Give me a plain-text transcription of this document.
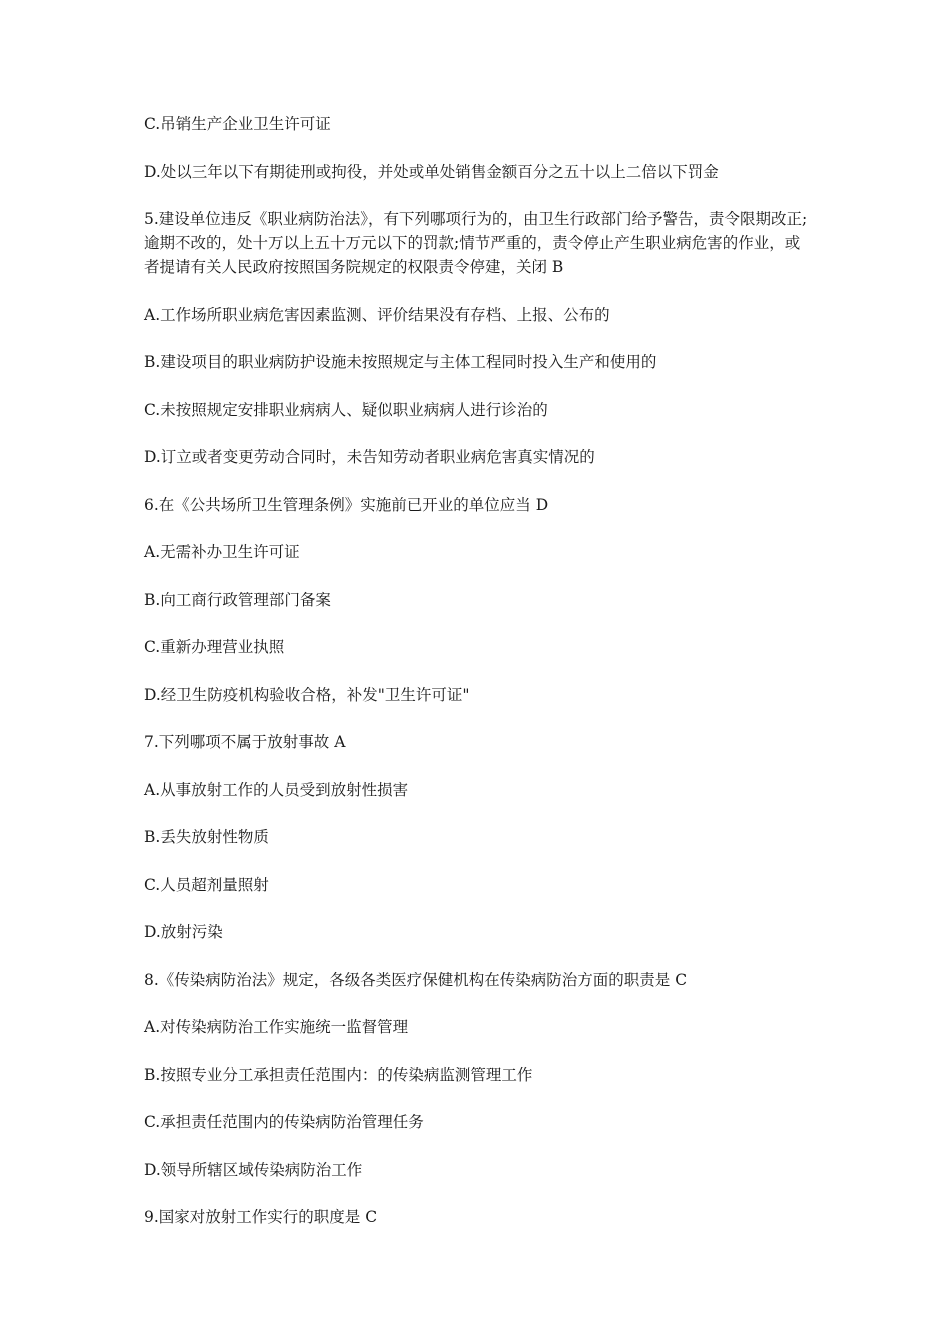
C.吊销生产企业卫生许可证

D.处以三年以下有期徒刑或拘役，并处或单处销售金额百分之五十以上二倍以下罚金

5.建设单位违反《职业病防治法》，有下列哪项行为的，由卫生行政部门给予警告，责令限期改正;逾期不改的，处十万以上五十万元以下的罚款;情节严重的，责令停止产生职业病危害的作业，或者提请有关人民政府按照国务院规定的权限责令停建，关闭 B

A.工作场所职业病危害因素监测、评价结果没有存档、上报、公布的

B.建设项目的职业病防护设施未按照规定与主体工程同时投入生产和使用的

C.未按照规定安排职业病病人、疑似职业病病人进行诊治的

D.订立或者变更劳动合同时，未告知劳动者职业病危害真实情况的

6.在《公共场所卫生管理条例》实施前已开业的单位应当 D

A.无需补办卫生许可证

B.向工商行政管理部门备案

C.重新办理营业执照

D.经卫生防疫机构验收合格，补发"卫生许可证"

7.下列哪项不属于放射事故 A

A.从事放射工作的人员受到放射性损害

B.丢失放射性物质

C.人员超剂量照射

D.放射污染

8.《传染病防治法》规定，各级各类医疗保健机构在传染病防治方面的职责是 C

A.对传染病防治工作实施统一监督管理

B.按照专业分工承担责任范围内：的传染病监测管理工作

C.承担责任范围内的传染病防治管理任务

D.领导所辖区域传染病防治工作

9.国家对放射工作实行的职度是 C
